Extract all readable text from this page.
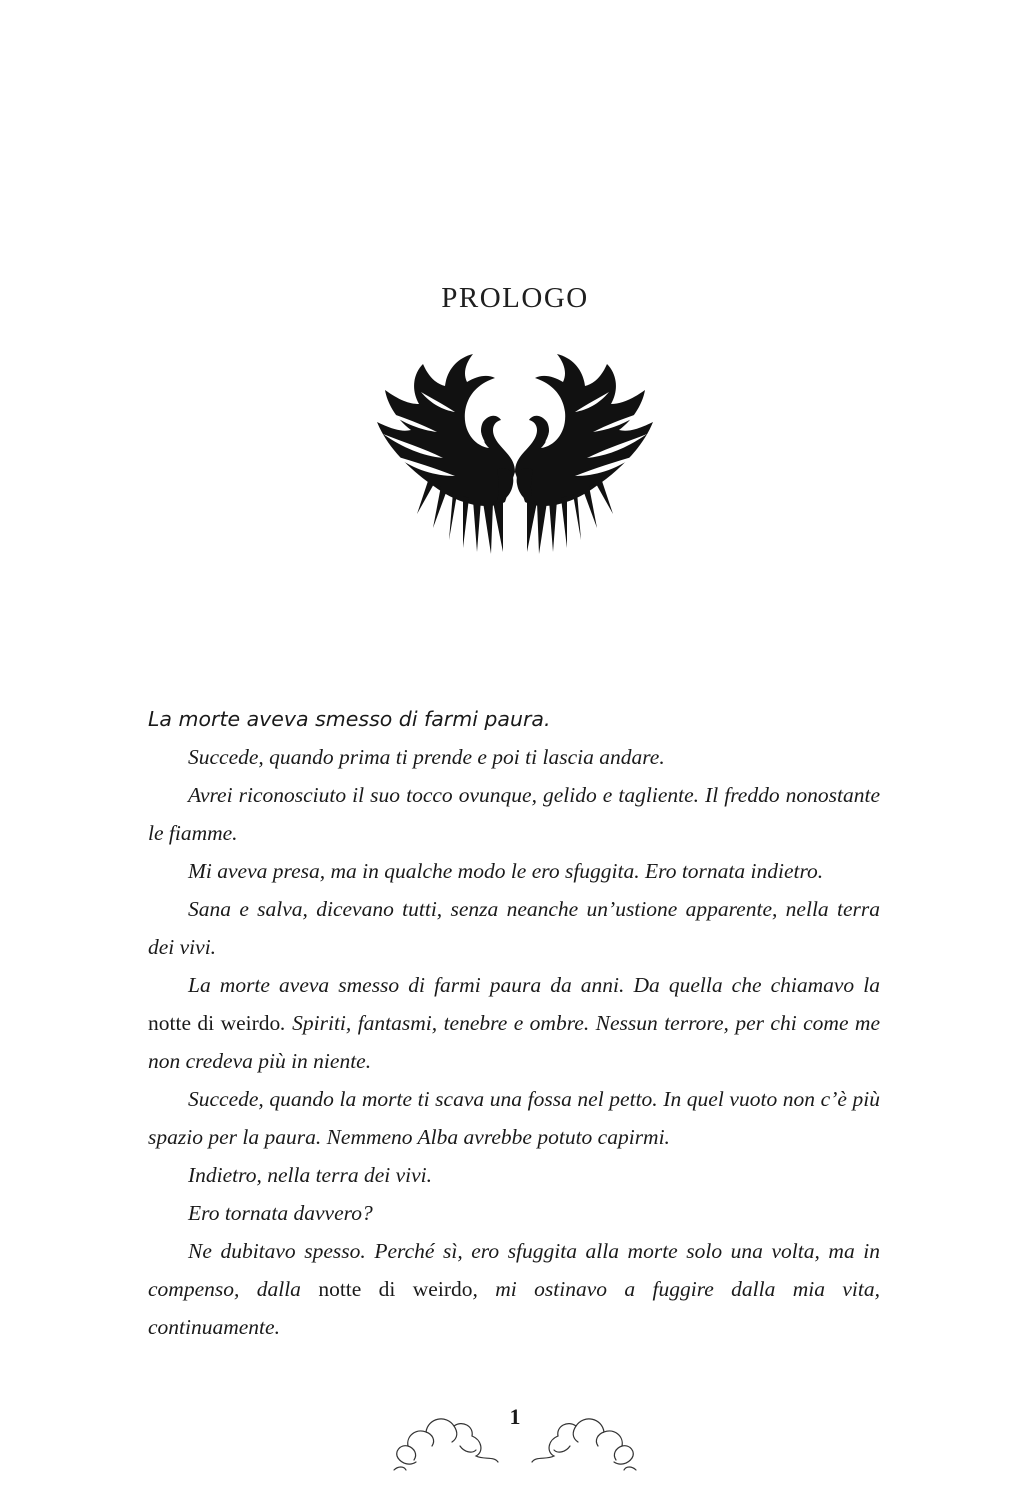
PROLOGO

La morte aveva smesso di farmi paura.

Succede, quando prima ti prende e poi ti lascia andare.

Avrei riconosciuto il suo tocco ovunque, gelido e tagliente. Il freddo nonostante le fiamme.

Mi aveva presa, ma in qualche modo le ero sfuggita. Ero tornata indietro.

Sana e salva, dicevano tutti, senza neanche un’ustione apparente, nella terra dei vivi.

La morte aveva smesso di farmi paura da anni. Da quella che chiamavo la notte di weirdo. Spiriti, fantasmi, tenebre e ombre. Nessun terrore, per chi come me non credeva più in niente.

Succede, quando la morte ti scava una fossa nel petto. In quel vuoto non c’è più spazio per la paura. Nemmeno Alba avrebbe potuto capirmi.

Indietro, nella terra dei vivi.

Ero tornata davvero?

Ne dubitavo spesso. Perché sì, ero sfuggita alla morte solo una volta, ma in compenso, dalla notte di weirdo, mi ostinavo a fuggire dalla mia vita, continuamente.

1
